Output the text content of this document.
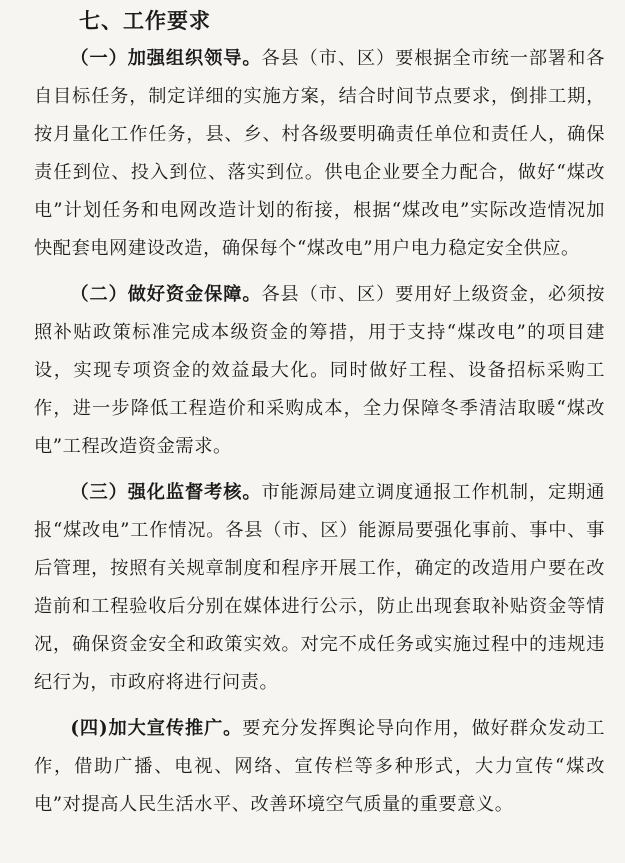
七、工作要求

（一）加强组织领导。各县（市、区）要根据全市统一部署和各自目标任务，制定详细的实施方案，结合时间节点要求，倒排工期，按月量化工作任务，县、乡、村各级要明确责任单位和责任人，确保责任到位、投入到位、落实到位。供电企业要全力配合，做好“煤改电”计划任务和电网改造计划的衔接，根据“煤改电”实际改造情况加快配套电网建设改造，确保每个“煤改电”用户电力稳定安全供应。

（二）做好资金保障。各县（市、区）要用好上级资金，必须按照补贴政策标准完成本级资金的筹措，用于支持“煤改电”的项目建设，实现专项资金的效益最大化。同时做好工程、设备招标采购工作，进一步降低工程造价和采购成本，全力保障冬季清洁取暖“煤改电”工程改造资金需求。

（三）强化监督考核。市能源局建立调度通报工作机制，定期通报“煤改电”工作情况。各县（市、区）能源局要强化事前、事中、事后管理，按照有关规章制度和程序开展工作，确定的改造用户要在改造前和工程验收后分别在媒体进行公示，防止出现套取补贴资金等情况，确保资金安全和政策实效。对完不成任务或实施过程中的违规违纪行为，市政府将进行问责。

(四)加大宣传推广。要充分发挥舆论导向作用，做好群众发动工作，借助广播、电视、网络、宣传栏等多种形式，大力宣传“煤改电”对提高人民生活水平、改善环境空气质量的重要意义。
